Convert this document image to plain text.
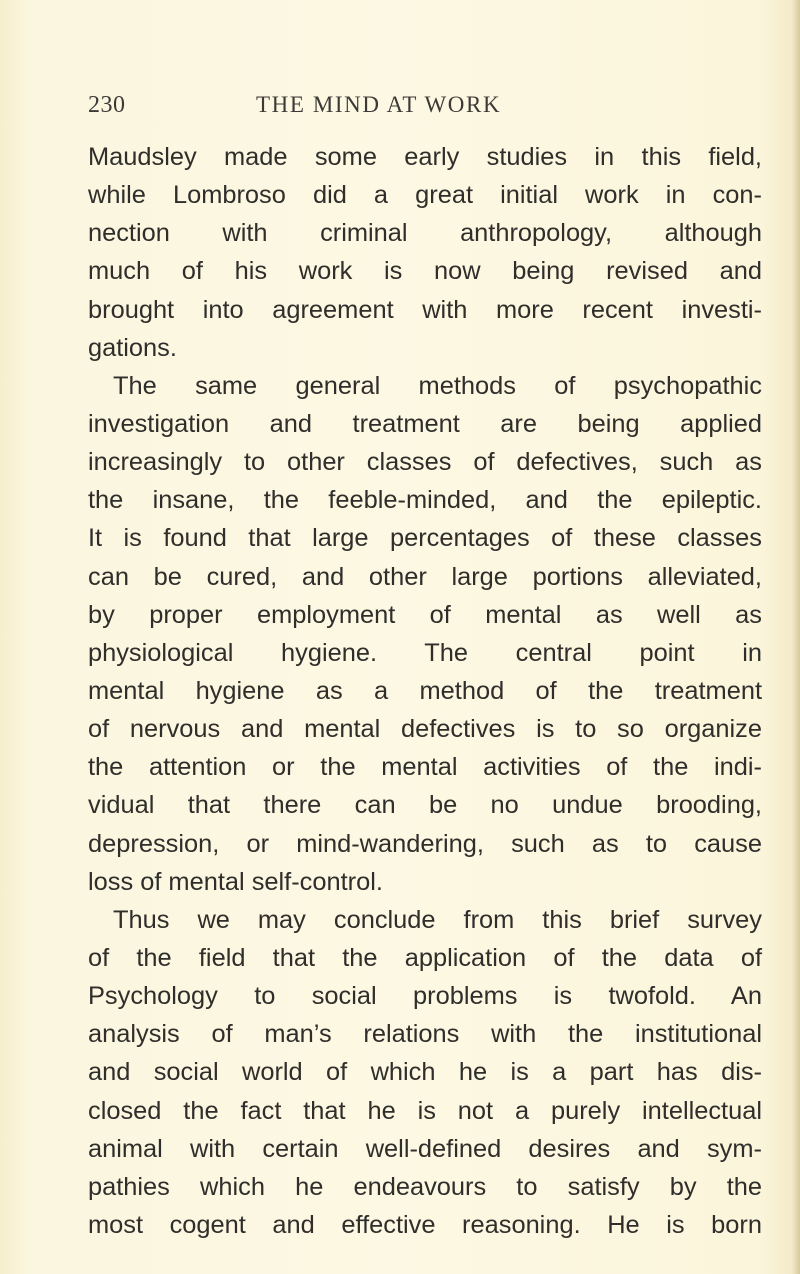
230	THE MIND AT WORK
Maudsley made some early studies in this field,
while Lombroso did a great initial work in con-
nection with criminal anthropology, although
much of his work is now being revised and
brought into agreement with more recent investi-
gations.
The same general methods of psychopathic
investigation and treatment are being applied
increasingly to other classes of defectives, such as
the insane, the feeble-minded, and the epileptic.
It is found that large percentages of these classes
can be cured, and other large portions alleviated,
by proper employment of mental as well as
physiological hygiene. The central point in
mental hygiene as a method of the treatment
of nervous and mental defectives is to so organize
the attention or the mental activities of the indi-
vidual that there can be no undue brooding,
depression, or mind-wandering, such as to cause
loss of mental self-control.
Thus we may conclude from this brief survey
of the field that the application of the data of
Psychology to social problems is twofold. An
analysis of man’s relations with the institutional
and social world of which he is a part has dis-
closed the fact that he is not a purely intellectual
animal with certain well-defined desires and sym-
pathies which he endeavours to satisfy by the
most cogent and effective reasoning. He is born
